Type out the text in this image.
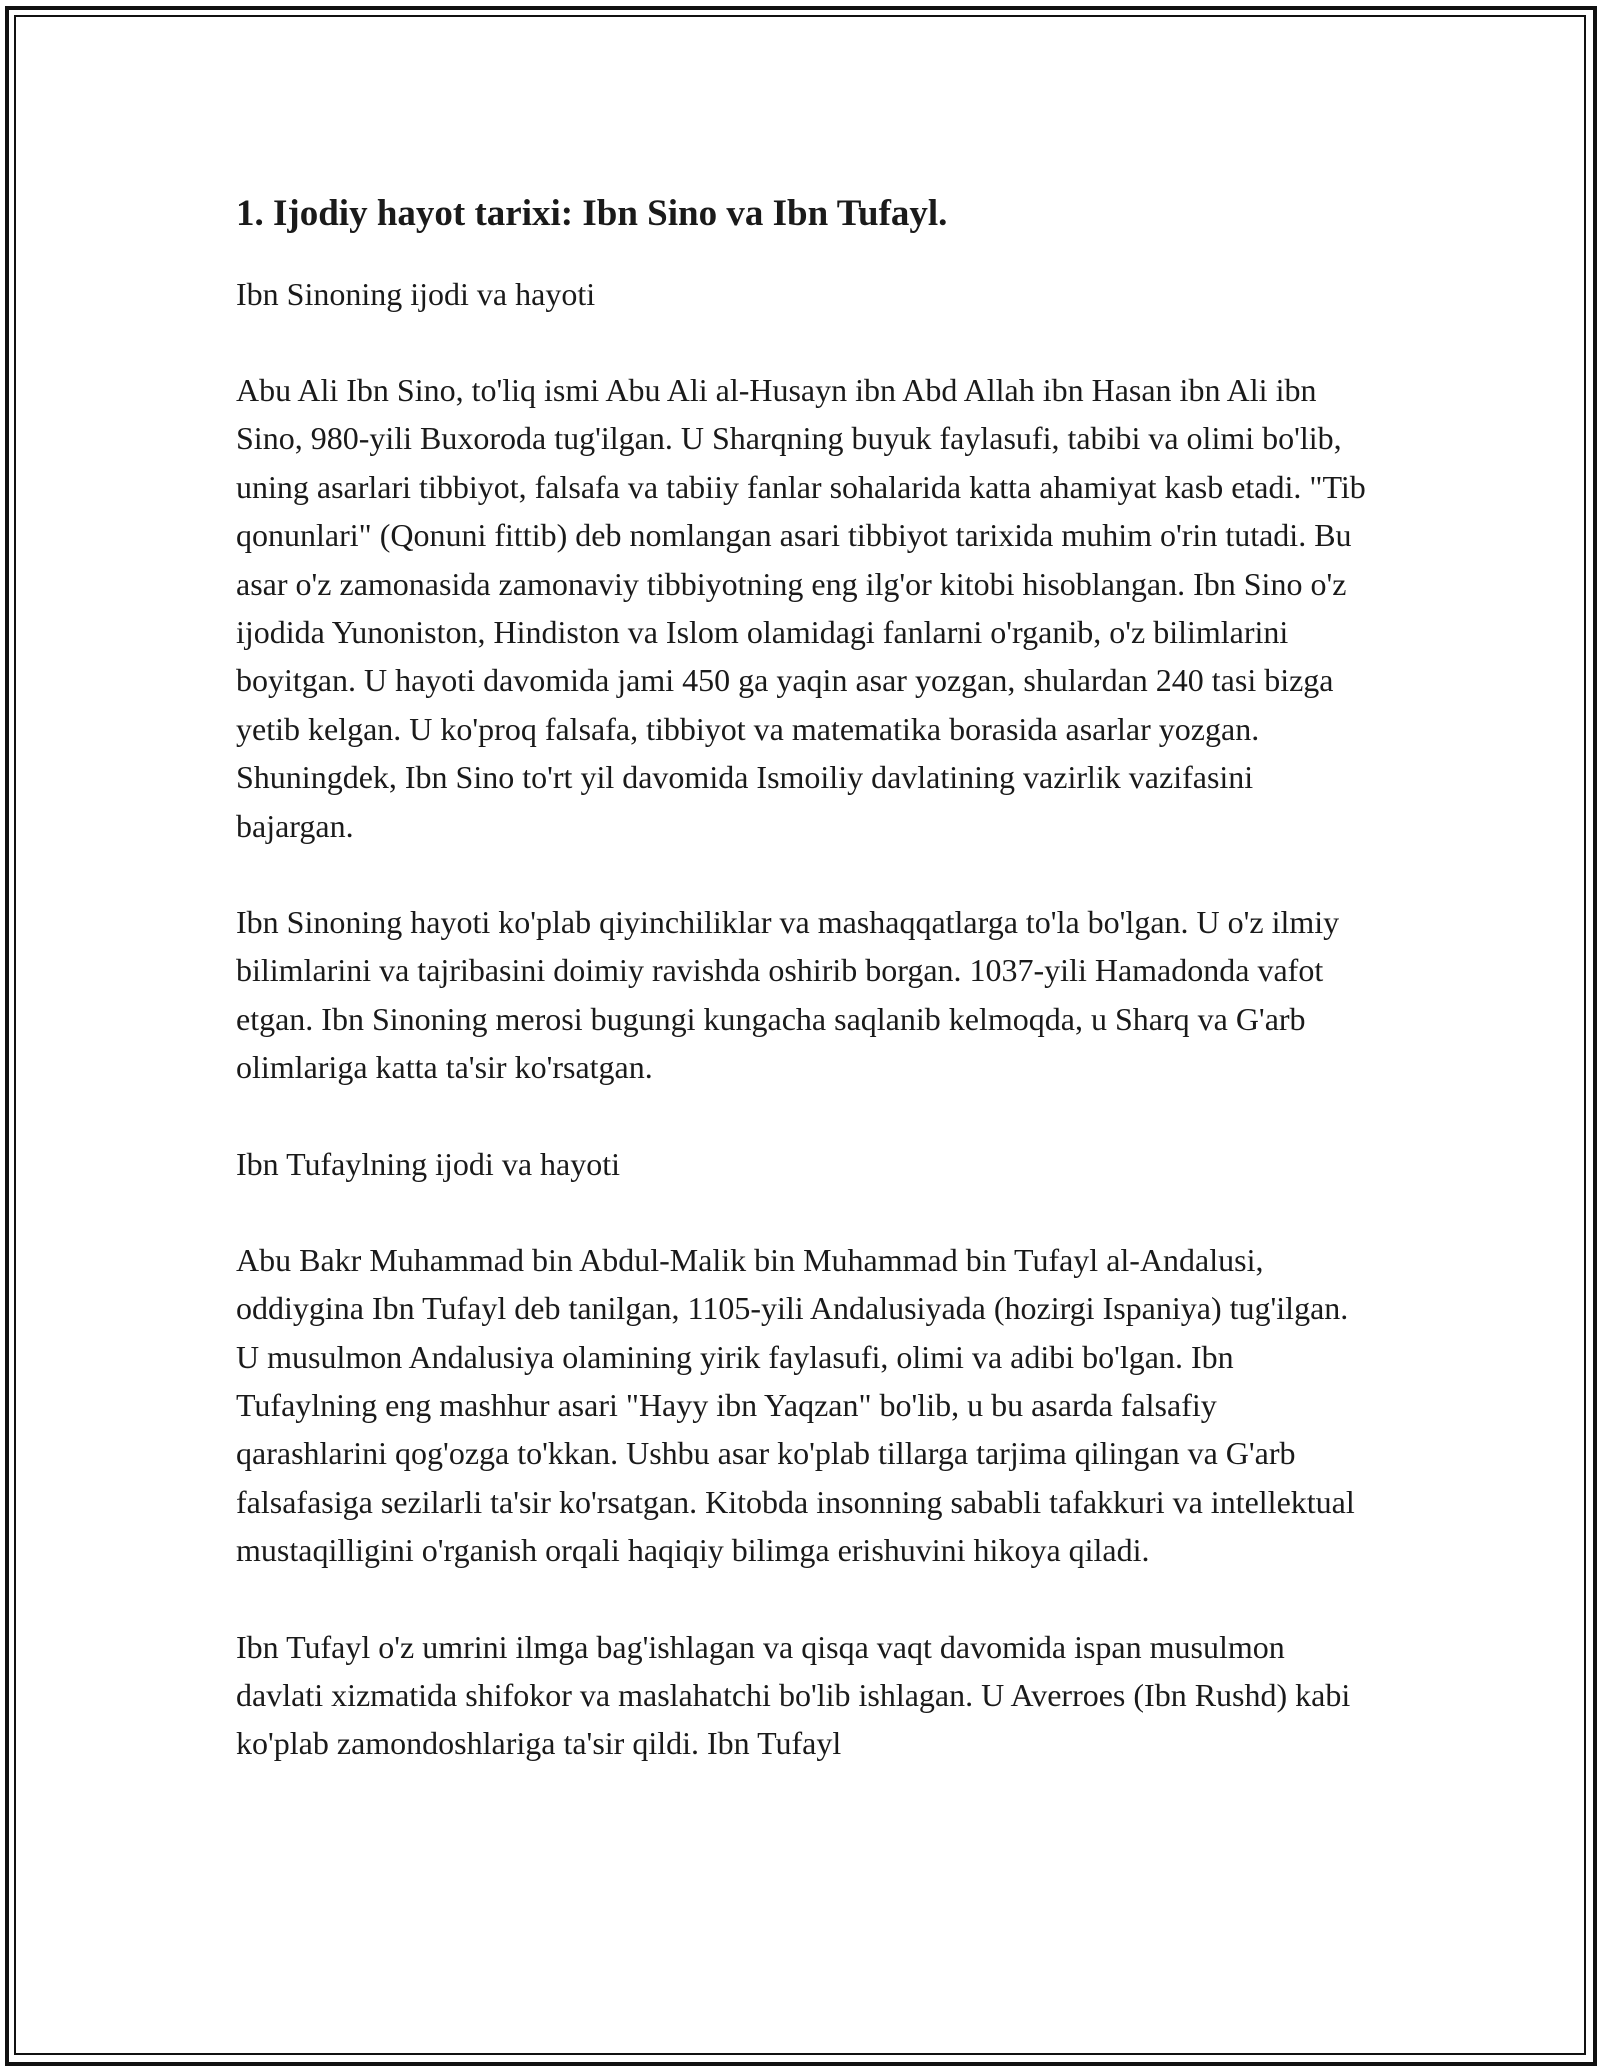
1. Ijodiy hayot tarixi: Ibn Sino va Ibn Tufayl.

Ibn Sinoning ijodi va hayoti

Abu Ali Ibn Sino, to'liq ismi Abu Ali al-Husayn ibn Abd Allah ibn Hasan ibn Ali ibn Sino, 980-yili Buxoroda tug'ilgan. U Sharqning buyuk faylasufi, tabibi va olimi bo'lib, uning asarlari tibbiyot, falsafa va tabiiy fanlar sohalarida katta ahamiyat kasb etadi. "Tib qonunlari" (Qonuni fittib) deb nomlangan asari tibbiyot tarixida muhim o'rin tutadi. Bu asar o'z zamonasida zamonaviy tibbiyotning eng ilg'or kitobi hisoblangan. Ibn Sino o'z ijodida Yunoniston, Hindiston va Islom olamidagi fanlarni o'rganib, o'z bilimlarini boyitgan. U hayoti davomida jami 450 ga yaqin asar yozgan, shulardan 240 tasi bizga yetib kelgan. U ko'proq falsafa, tibbiyot va matematika borasida asarlar yozgan. Shuningdek, Ibn Sino to'rt yil davomida Ismoiliy davlatining vazirlik vazifasini bajargan.

Ibn Sinoning hayoti ko'plab qiyinchiliklar va mashaqqatlarga to'la bo'lgan. U o'z ilmiy bilimlarini va tajribasini doimiy ravishda oshirib borgan. 1037-yili Hamadonda vafot etgan. Ibn Sinoning merosi bugungi kungacha saqlanib kelmoqda, u Sharq va G'arb olimlariga katta ta'sir ko'rsatgan.

Ibn Tufaylning ijodi va hayoti

Abu Bakr Muhammad bin Abdul-Malik bin Muhammad bin Tufayl al-Andalusi, oddiygina Ibn Tufayl deb tanilgan, 1105-yili Andalusiyada (hozirgi Ispaniya) tug'ilgan. U musulmon Andalusiya olamining yirik faylasufi, olimi va adibi bo'lgan. Ibn Tufaylning eng mashhur asari "Hayy ibn Yaqzan" bo'lib, u bu asarda falsafiy qarashlarini qog'ozga to'kkan. Ushbu asar ko'plab tillarga tarjima qilingan va G'arb falsafasiga sezilarli ta'sir ko'rsatgan. Kitobda insonning sababli tafakkuri va intellektual mustaqilligini o'rganish orqali haqiqiy bilimga erishuvini hikoya qiladi.

Ibn Tufayl o'z umrini ilmga bag'ishlagan va qisqa vaqt davomida ispan musulmon davlati xizmatida shifokor va maslahatchi bo'lib ishlagan. U Averroes (Ibn Rushd) kabi ko'plab zamondoshlariga ta'sir qildi. Ibn Tufayl
